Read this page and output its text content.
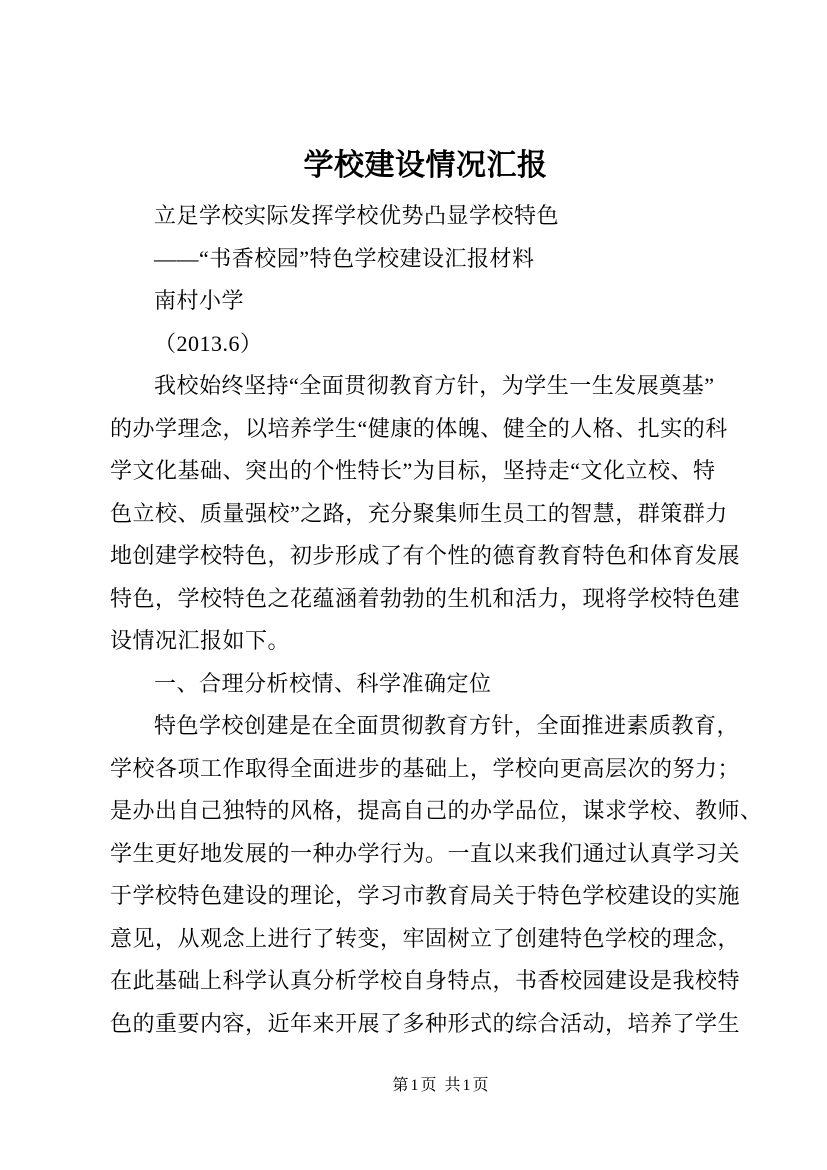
学校建设情况汇报
立足学校实际发挥学校优势凸显学校特色
——“书香校园”特色学校建设汇报材料
南村小学
（2013.6）
我校始终坚持“全面贯彻教育方针，为学生一生发展奠基”
的办学理念，以培养学生“健康的体魄、健全的人格、扎实的科
学文化基础、突出的个性特长”为目标，坚持走“文化立校、特
色立校、质量强校”之路，充分聚集师生员工的智慧，群策群力
地创建学校特色，初步形成了有个性的德育教育特色和体育发展
特色，学校特色之花蕴涵着勃勃的生机和活力，现将学校特色建
设情况汇报如下。
一、合理分析校情、科学准确定位
特色学校创建是在全面贯彻教育方针，全面推进素质教育，
学校各项工作取得全面进步的基础上，学校向更高层次的努力；
是办出自己独特的风格，提高自己的办学品位，谋求学校、教师、
学生更好地发展的一种办学行为。一直以来我们通过认真学习关
于学校特色建设的理论，学习市教育局关于特色学校建设的实施
意见，从观念上进行了转变，牢固树立了创建特色学校的理念，
在此基础上科学认真分析学校自身特点，书香校园建设是我校特
色的重要内容，近年来开展了多种形式的综合活动，培养了学生
第1页 共1页
